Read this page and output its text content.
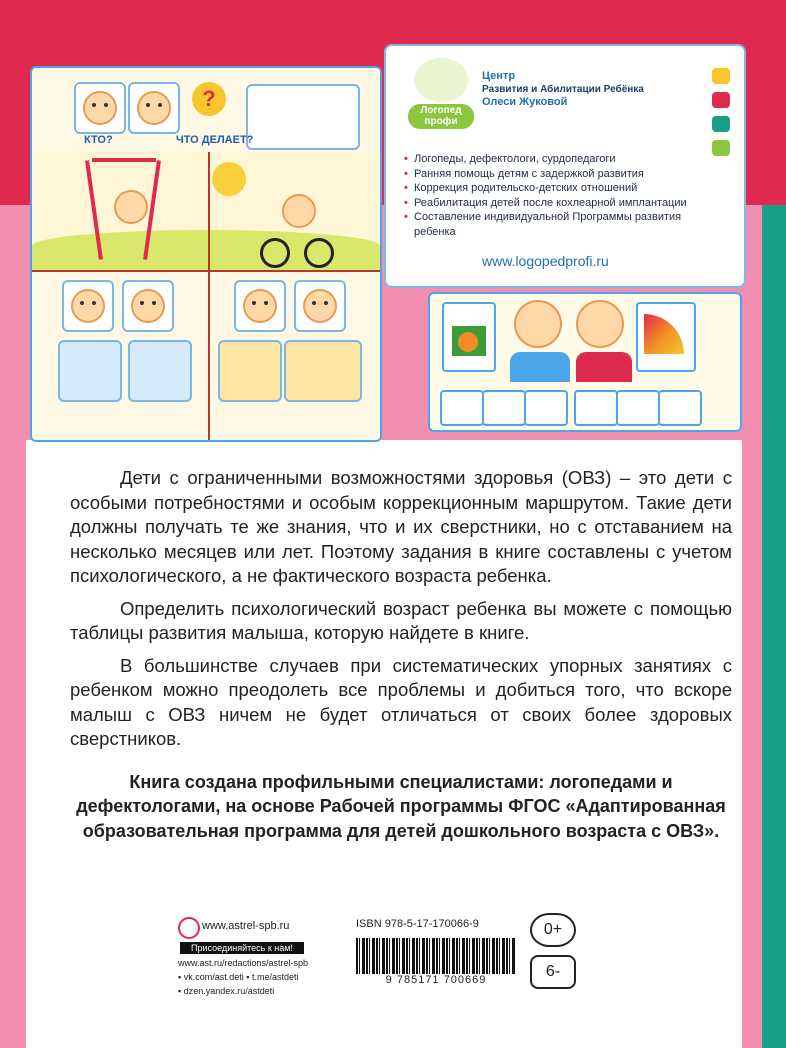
?
КТО?	ЧТО ДЕЛАЕТ?
Логопед профи
Центр
Развития и Абилитации Ребёнка
Олеси Жуковой
• Логопеды, дефектологи, сурдопедагоги
• Ранняя помощь детям с задержкой развития
• Коррекция родительско-детских отношений
• Реабилитация детей после кохлеарной имплантации
• Составление индивидуальной Программы развития ребенка
www.logopedprofi.ru

Дети с ограниченными возможностями здоровья (ОВЗ) – это дети с особыми потребностями и особым коррекционным маршрутом. Такие дети должны получать те же знания, что и их сверстники, но с отставанием на несколько месяцев или лет. Поэтому задания в книге составлены с учетом психологического, а не фактического возраста ребенка.

Определить психологический возраст ребенка вы можете с помощью таблицы развития малыша, которую найдете в книге.

В большинстве случаев при систематических упорных занятиях с ребенком можно преодолеть все проблемы и добиться того, что вскоре малыш с ОВЗ ничем не будет отличаться от своих более здоровых сверстников.

Книга создана профильными специалистами: логопедами и дефектологами, на основе Рабочей программы ФГОС «Адаптированная образовательная программа для детей дошкольного возраста с ОВЗ».

www.astrel-spb.ru
Присоединяйтесь к нам!
www.ast.ru/redactions/astrel-spb
▪ vk.com/ast.deti ▪ t.me/astdeti
▪ dzen.yandex.ru/astdeti
ISBN 978-5-17-170066-9
9 785171 700669
0+
6-
